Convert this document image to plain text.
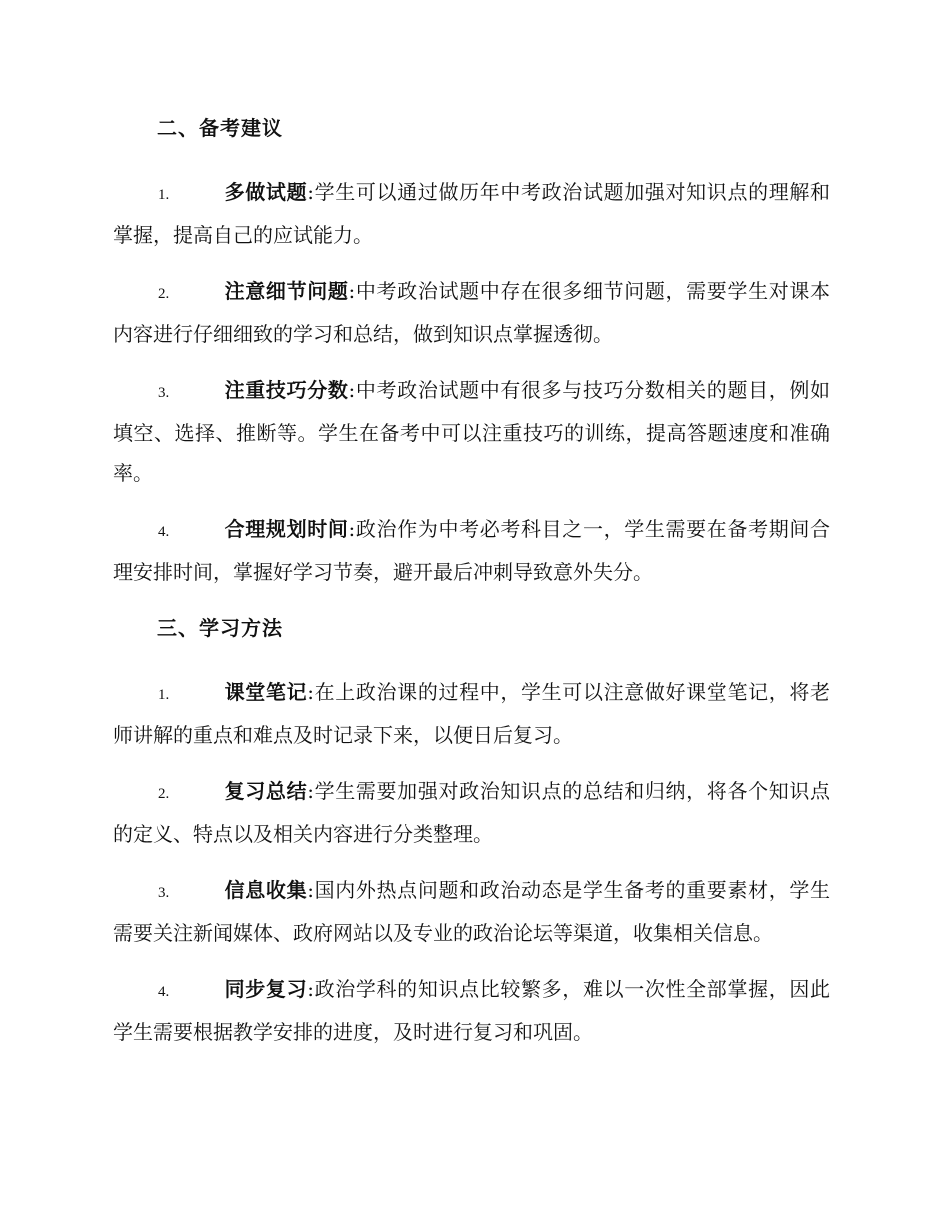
二、备考建议

1.	多做试题:学生可以通过做历年中考政治试题加强对知识点的理解和掌握，提高自己的应试能力。

2.	注意细节问题:中考政治试题中存在很多细节问题，需要学生对课本内容进行仔细细致的学习和总结，做到知识点掌握透彻。

3.	注重技巧分数:中考政治试题中有很多与技巧分数相关的题目，例如填空、选择、推断等。学生在备考中可以注重技巧的训练，提高答题速度和准确率。

4.	合理规划时间:政治作为中考必考科目之一，学生需要在备考期间合理安排时间，掌握好学习节奏，避开最后冲刺导致意外失分。

三、学习方法

1.	课堂笔记:在上政治课的过程中，学生可以注意做好课堂笔记，将老师讲解的重点和难点及时记录下来，以便日后复习。

2.	复习总结:学生需要加强对政治知识点的总结和归纳，将各个知识点的定义、特点以及相关内容进行分类整理。

3.	信息收集:国内外热点问题和政治动态是学生备考的重要素材，学生需要关注新闻媒体、政府网站以及专业的政治论坛等渠道，收集相关信息。

4.	同步复习:政治学科的知识点比较繁多，难以一次性全部掌握，因此学生需要根据教学安排的进度，及时进行复习和巩固。
